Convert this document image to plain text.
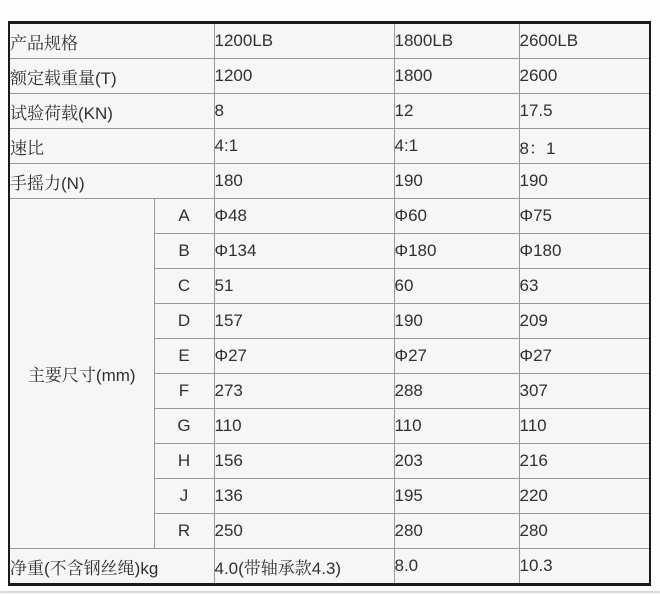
产品规格		1200LB	1800LB	2600LB
额定载重量(T)		1200	1800	2600
试验荷载(KN)		8	12	17.5
速比		4:1	4:1	8：1
手摇力(N)		180	190	190
主要尺寸(mm)	A	Φ48	Φ60	Φ75
	B	Φ134	Φ180	Φ180
	C	51	60	63
	D	157	190	209
	E	Φ27	Φ27	Φ27
	F	273	288	307
	G	110	110	110
	H	156	203	216
	J	136	195	220
	R	250	280	280
净重(不含钢丝绳)kg		4.0(带轴承款4.3)	8.0	10.3
